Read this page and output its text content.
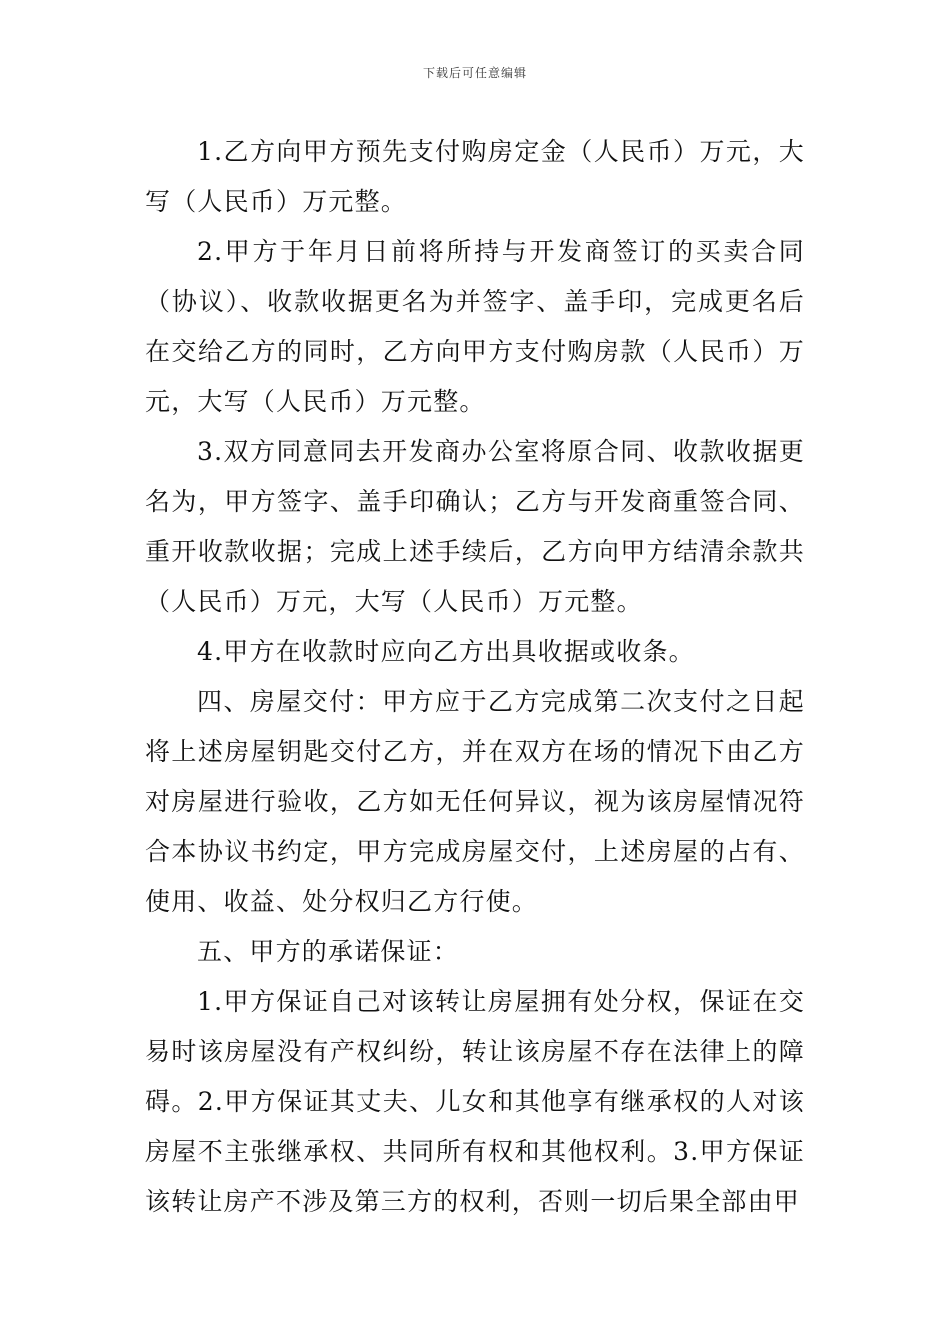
下载后可任意编辑

1.乙方向甲方预先支付购房定金（人民币）万元，大写（人民币）万元整。

2.甲方于年月日前将所持与开发商签订的买卖合同（协议）、收款收据更名为并签字、盖手印，完成更名后在交给乙方的同时，乙方向甲方支付购房款（人民币）万元，大写（人民币）万元整。

3.双方同意同去开发商办公室将原合同、收款收据更名为，甲方签字、盖手印确认；乙方与开发商重签合同、重开收款收据；完成上述手续后，乙方向甲方结清余款共（人民币）万元，大写（人民币）万元整。

4.甲方在收款时应向乙方出具收据或收条。

四、房屋交付：甲方应于乙方完成第二次支付之日起将上述房屋钥匙交付乙方，并在双方在场的情况下由乙方对房屋进行验收，乙方如无任何异议，视为该房屋情况符合本协议书约定，甲方完成房屋交付，上述房屋的占有、使用、收益、处分权归乙方行使。

五、甲方的承诺保证：

1.甲方保证自己对该转让房屋拥有处分权，保证在交易时该房屋没有产权纠纷，转让该房屋不存在法律上的障碍。2.甲方保证其丈夫、儿女和其他享有继承权的人对该房屋不主张继承权、共同所有权和其他权利。3.甲方保证该转让房产不涉及第三方的权利，否则一切后果全部由甲
